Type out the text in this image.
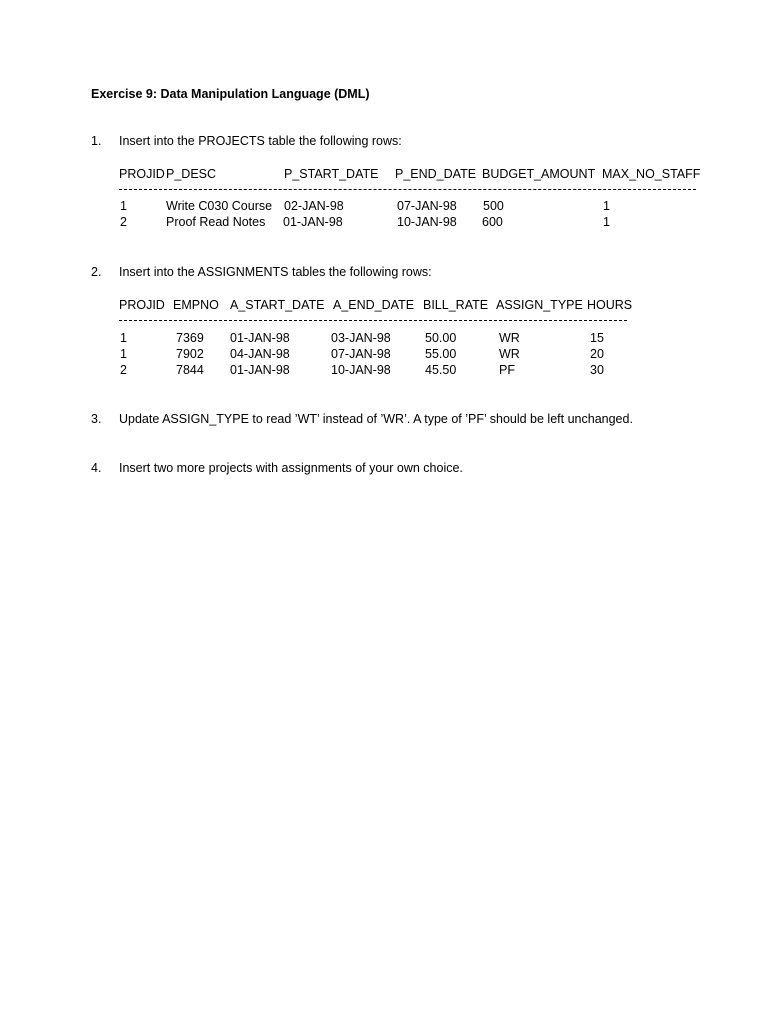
Exercise 9: Data Manipulation Language (DML)
1. Insert into the PROJECTS table the following rows:
PROJID P_DESC	P_START_DATE P_END_DATE BUDGET_AMOUNT MAX_NO_STAFF
1	Write C030 Course 02-JAN-98	07-JAN-98 500	1
2	Proof Read Notes 01-JAN-98	10-JAN-98 600	1
2. Insert into the ASSIGNMENTS tables the following rows:
PROJID EMPNO A_START_DATE A_END_DATE BILL_RATE ASSIGN_TYPE HOURS
1	7369 01-JAN-98	03-JAN-98	50.00	WR	15
1	7902 04-JAN-98	07-JAN-98	55.00	WR	20
2	7844 01-JAN-98	10-JAN-98	45.50	PF	30
3. Update ASSIGN_TYPE to read ’WT’ instead of ’WR’. A type of ’PF’ should be left unchanged.
4. Insert two more projects with assignments of your own choice.
